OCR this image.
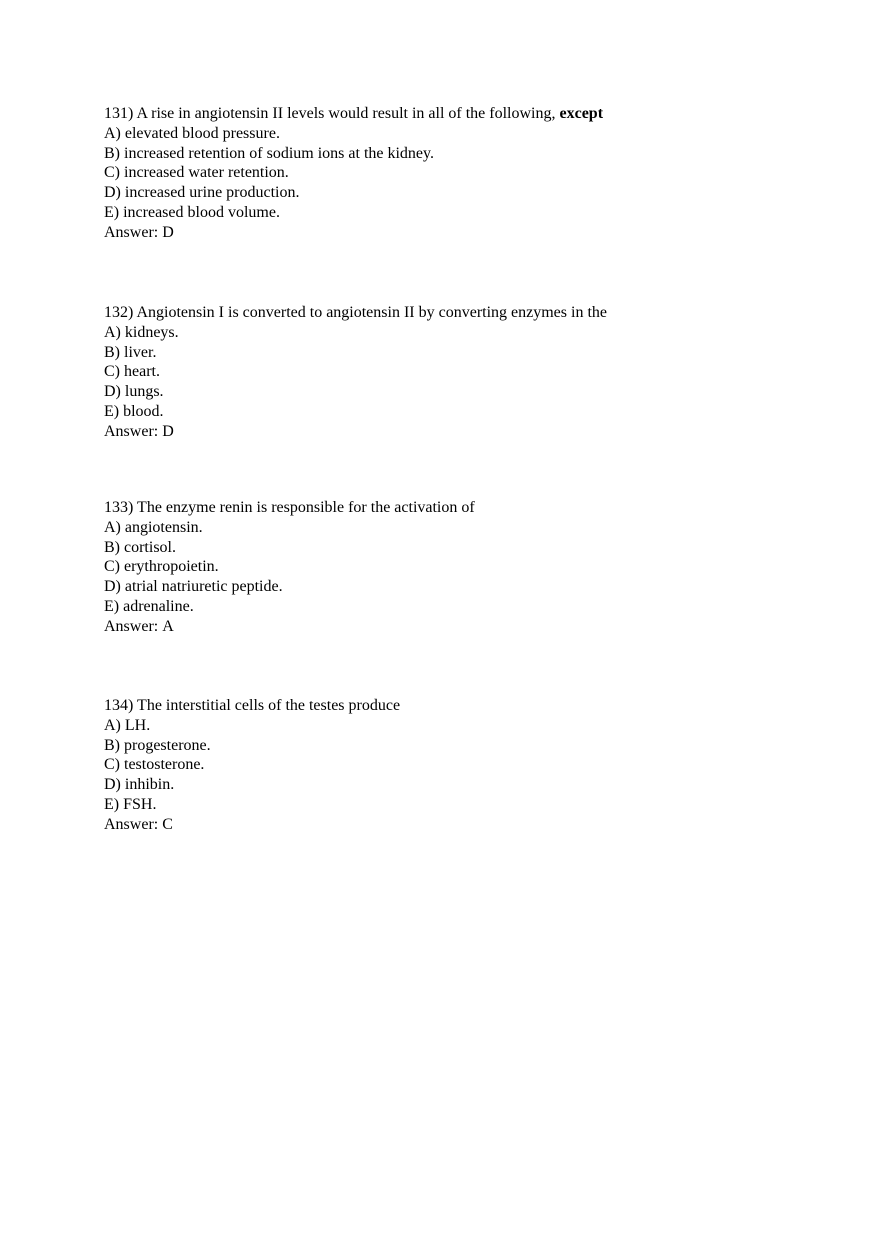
131) A rise in angiotensin II levels would result in all of the following, except
A) elevated blood pressure.
B) increased retention of sodium ions at the kidney.
C) increased water retention.
D) increased urine production.
E) increased blood volume.
Answer: D
132) Angiotensin I is converted to angiotensin II by converting enzymes in the
A) kidneys.
B) liver.
C) heart.
D) lungs.
E) blood.
Answer: D
133) The enzyme renin is responsible for the activation of
A) angiotensin.
B) cortisol.
C) erythropoietin.
D) atrial natriuretic peptide.
E) adrenaline.
Answer: A
134) The interstitial cells of the testes produce
A) LH.
B) progesterone.
C) testosterone.
D) inhibin.
E) FSH.
Answer: C
